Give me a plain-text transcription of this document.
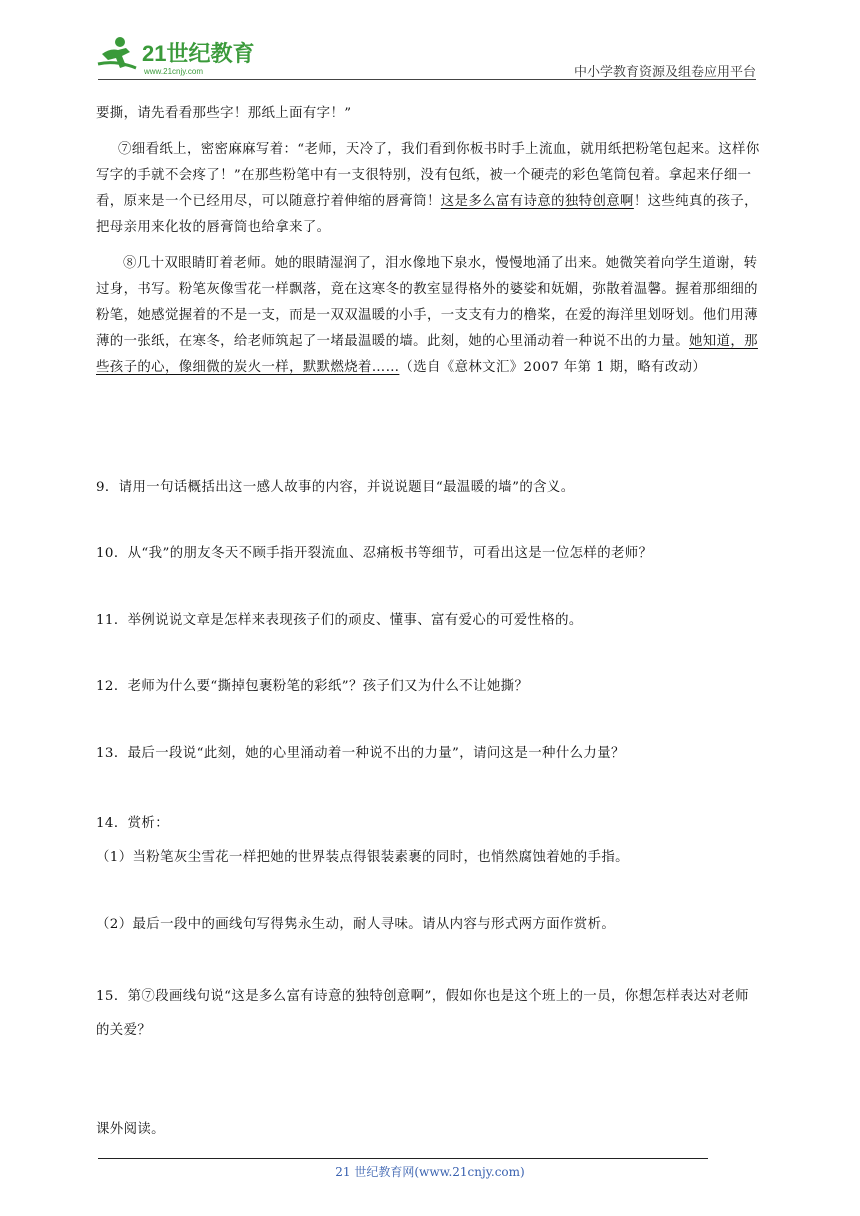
21世纪教育
www.21cnjy.com	中小学教育资源及组卷应用平台

要撕，请先看看那些字！那纸上面有字！”

⑦细看纸上，密密麻麻写着：“老师，天冷了，我们看到你板书时手上流血，就用纸把粉笔包起来。这样你写字的手就不会疼了！”在那些粉笔中有一支很特别，没有包纸，被一个硬壳的彩色笔筒包着。拿起来仔细一看，原来是一个已经用尽，可以随意拧着伸缩的唇膏筒！这是多么富有诗意的独特创意啊！这些纯真的孩子，把母亲用来化妆的唇膏筒也给拿来了。

⑧几十双眼睛盯着老师。她的眼睛湿润了，泪水像地下泉水，慢慢地涌了出来。她微笑着向学生道谢，转过身，书写。粉笔灰像雪花一样飘落，竟在这寒冬的教室显得格外的婆娑和妩媚，弥散着温馨。握着那细细的粉笔，她感觉握着的不是一支，而是一双双温暖的小手，一支支有力的橹桨，在爱的海洋里划呀划。他们用薄薄的一张纸，在寒冬，给老师筑起了一堵最温暖的墙。此刻，她的心里涌动着一种说不出的力量。她知道，那些孩子的心，像细微的炭火一样，默默燃烧着……（选自《意林文汇》2007 年第 1 期，略有改动）

9．请用一句话概括出这一感人故事的内容，并说说题目“最温暖的墙”的含义。

10．从“我”的朋友冬天不顾手指开裂流血、忍痛板书等细节，可看出这是一位怎样的老师？

11．举例说说文章是怎样来表现孩子们的顽皮、懂事、富有爱心的可爱性格的。

12．老师为什么要“撕掉包裹粉笔的彩纸”？孩子们又为什么不让她撕？

13．最后一段说“此刻，她的心里涌动着一种说不出的力量”，请问这是一种什么力量？

14．赏析：

（1）当粉笔灰尘雪花一样把她的世界装点得银装素裹的同时，也悄然腐蚀着她的手指。

（2）最后一段中的画线句写得隽永生动，耐人寻味。请从内容与形式两方面作赏析。

15．第⑦段画线句说“这是多么富有诗意的独特创意啊”，假如你也是这个班上的一员，你想怎样表达对老师的关爱？

课外阅读。

21 世纪教育网(www.21cnjy.com)
